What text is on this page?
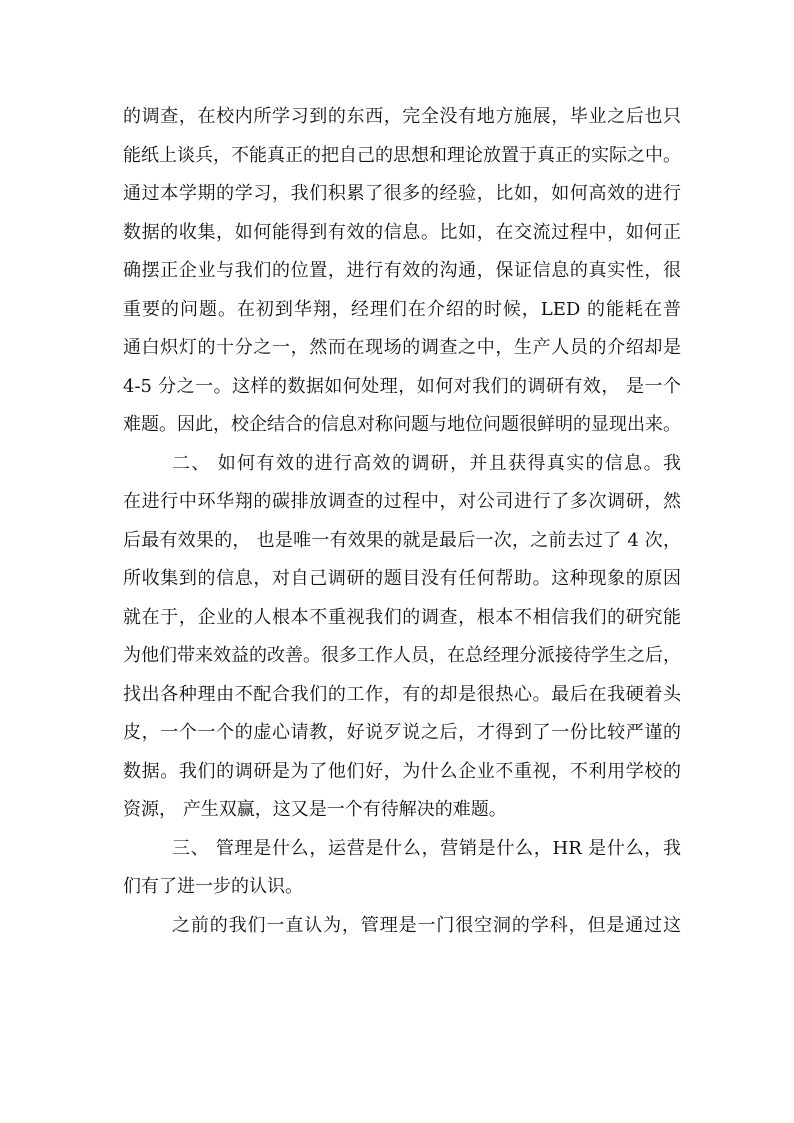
的调查，在校内所学习到的东西，完全没有地方施展，毕业之后也只
能纸上谈兵，不能真正的把自己的思想和理论放置于真正的实际之中。
通过本学期的学习，我们积累了很多的经验，比如，如何高效的进行
数据的收集，如何能得到有效的信息。比如，在交流过程中，如何正
确摆正企业与我们的位置，进行有效的沟通，保证信息的真实性，很
重要的问题。在初到华翔，经理们在介绍的时候，LED 的能耗在普
通白炽灯的十分之一，然而在现场的调查之中，生产人员的介绍却是
4-5 分之一。这样的数据如何处理，如何对我们的调研有效， 是一个
难题。因此，校企结合的信息对称问题与地位问题很鲜明的显现出来。
二、 如何有效的进行高效的调研，并且获得真实的信息。我
在进行中环华翔的碳排放调查的过程中，对公司进行了多次调研，然
后最有效果的， 也是唯一有效果的就是最后一次，之前去过了 4 次，
所收集到的信息，对自己调研的题目没有任何帮助。这种现象的原因
就在于，企业的人根本不重视我们的调查，根本不相信我们的研究能
为他们带来效益的改善。很多工作人员，在总经理分派接待学生之后，
找出各种理由不配合我们的工作，有的却是很热心。最后在我硬着头
皮，一个一个的虚心请教，好说歹说之后，才得到了一份比较严谨的
数据。我们的调研是为了他们好，为什么企业不重视，不利用学校的
资源， 产生双赢，这又是一个有待解决的难题。
三、 管理是什么，运营是什么，营销是什么，HR 是什么，我
们有了进一步的认识。
之前的我们一直认为，管理是一门很空洞的学科，但是通过这
